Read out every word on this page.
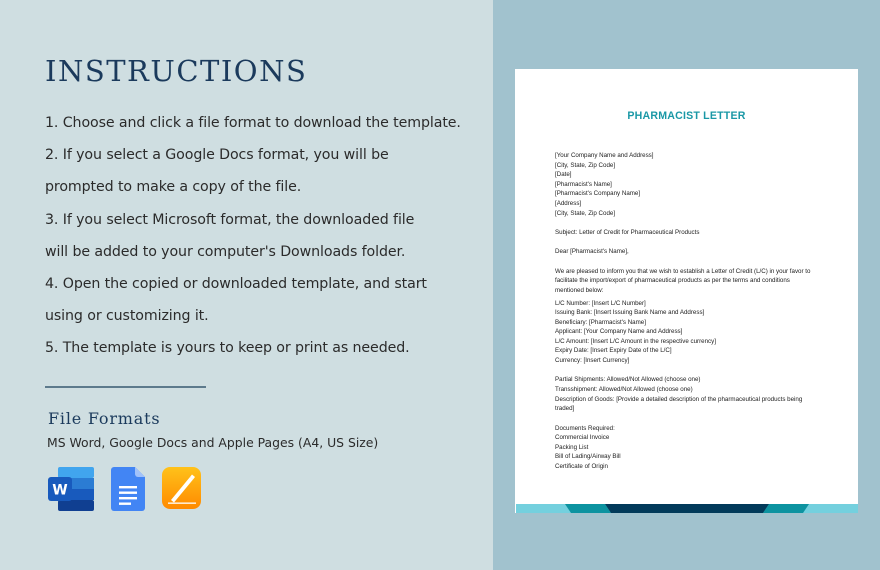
INSTRUCTIONS
1. Choose and click a file format to download the template.
2. If you select a Google Docs format, you will be
prompted to make a copy of the file.
3. If you select Microsoft format, the downloaded file
will be added to your computer's Downloads folder.
4. Open the copied or downloaded template, and start
using or customizing it.
5. The template is yours to keep or print as needed.
File Formats
MS Word, Google Docs and Apple Pages (A4, US Size)
W
PHARMACIST LETTER
[Your Company Name and Address]
[City, State, Zip Code]
[Date]
[Pharmacist's Name]
[Pharmacist's Company Name]
[Address]
[City, State, Zip Code]
Subject: Letter of Credit for Pharmaceutical Products
Dear [Pharmacist's Name],
We are pleased to inform you that we wish to establish a Letter of Credit (L/C) in your favor to facilitate the import/export of pharmaceutical products as per the terms and conditions mentioned below:
L/C Number: [Insert L/C Number]
Issuing Bank: [Insert Issuing Bank Name and Address]
Beneficiary: [Pharmacist's Name]
Applicant: [Your Company Name and Address]
L/C Amount: [Insert L/C Amount in the respective currency]
Expiry Date: [Insert Expiry Date of the L/C]
Currency: [Insert Currency]
Partial Shipments: Allowed/Not Allowed (choose one)
Transshipment: Allowed/Not Allowed (choose one)
Description of Goods: [Provide a detailed description of the pharmaceutical products being traded]
Documents Required:
Commercial Invoice
Packing List
Bill of Lading/Airway Bill
Certificate of Origin
